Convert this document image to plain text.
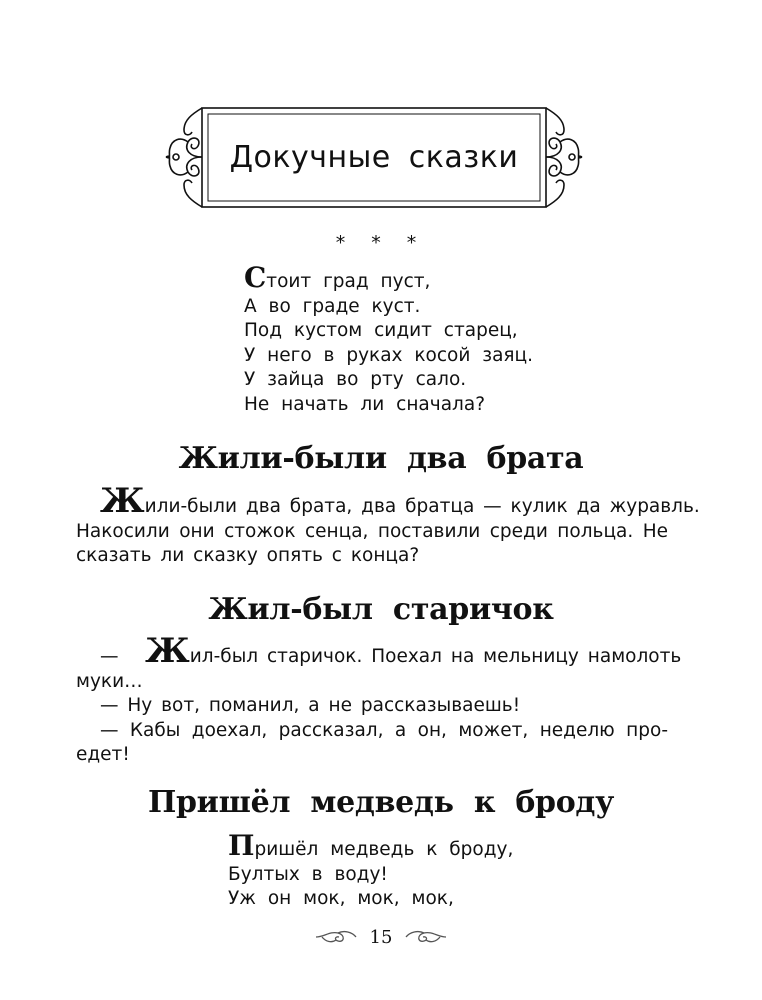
Докучные сказки
* * *
Стоит град пуст,
А во граде куст.
Под кустом сидит старец,
У него в руках косой заяц.
У зайца во рту сало.
Не начать ли сначала?
Жили-были два брата
Жили-были два брата, два братца — кулик да журавль.
Накосили они стожок сенца, поставили среди польца. Не
сказать ли сказку опять с конца?
Жил-был старичок
— Жил-был старичок. Поехал на мельницу намолоть
муки…
— Ну вот, поманил, а не рассказываешь!
— Кабы доехал, рассказал, а он, может, неделю про-
едет!
Пришёл медведь к броду
Пришёл медведь к броду,
Бултых в воду!
Уж он мок, мок, мок,
15
